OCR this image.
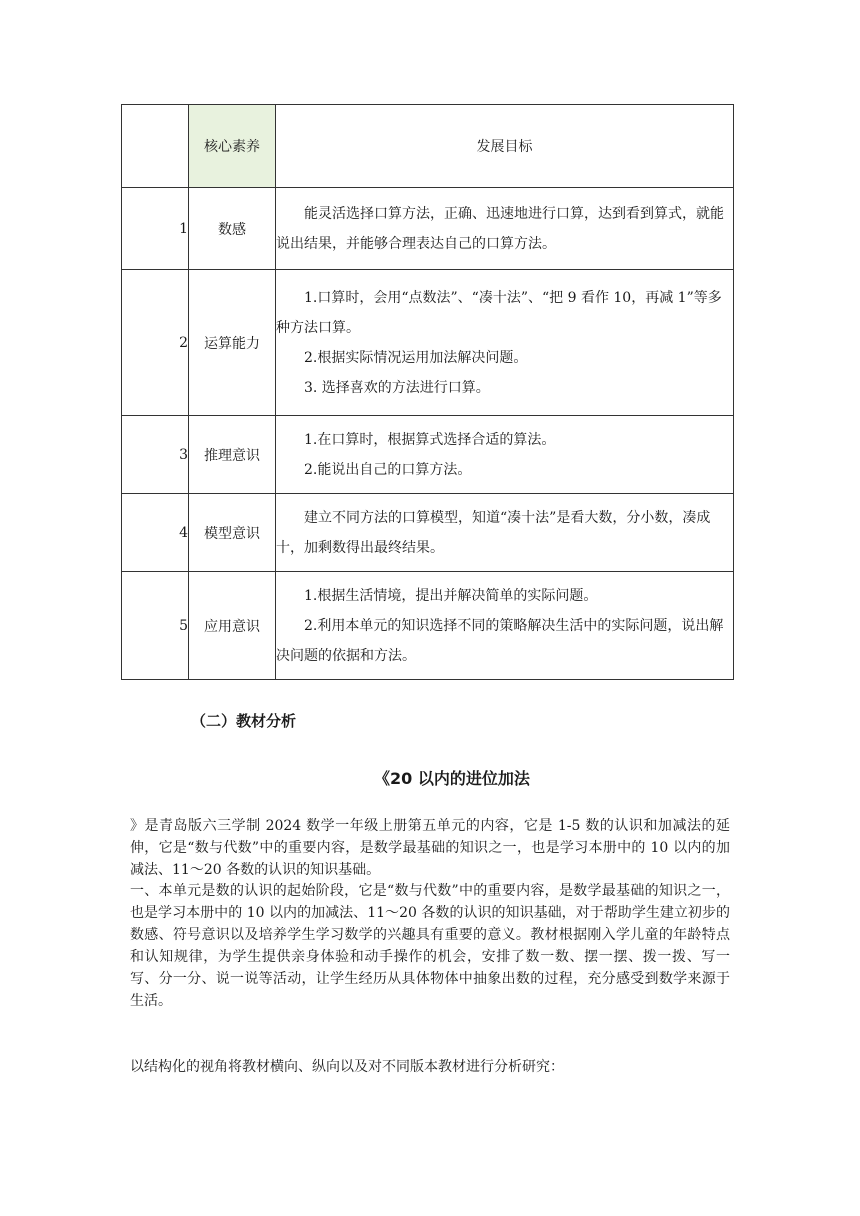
	核心素养	发展目标
1	数感	能灵活选择口算方法，正确、迅速地进行口算，达到看到算式，就能说出结果，并能够合理表达自己的口算方法。

2	运算能力	1.口算时，会用“点数法”、“凑十法”、“把 9 看作 10，再减 1”等多种方法口算。

2.根据实际情况运用加法解决问题。

3. 选择喜欢的方法进行口算。

3	推理意识	1.在口算时，根据算式选择合适的算法。

2.能说出自己的口算方法。

4	模型意识	建立不同方法的口算模型，知道“凑十法”是看大数，分小数，凑成十，加剩数得出最终结果。

5	应用意识	1.根据生活情境，提出并解决简单的实际问题。

2.利用本单元的知识选择不同的策略解决生活中的实际问题，说出解决问题的依据和方法。

（二）教材分析
《20 以内的进位加法

》是青岛版六三学制 2024 数学一年级上册第五单元的内容，它是 1-5 数的认识和加减法的延伸，它是“数与代数”中的重要内容，是数学最基础的知识之一，也是学习本册中的 10 以内的加减法、11～20 各数的认识的知识基础。

一、本单元是数的认识的起始阶段，它是“数与代数”中的重要内容，是数学最基础的知识之一，也是学习本册中的 10 以内的加减法、11～20 各数的认识的知识基础，对于帮助学生建立初步的数感、符号意识以及培养学生学习数学的兴趣具有重要的意义。教材根据刚入学儿童的年龄特点和认知规律，为学生提供亲身体验和动手操作的机会，安排了数一数、摆一摆、拨一拨、写一写、分一分、说一说等活动，让学生经历从具体物体中抽象出数的过程，充分感受到数学来源于生活。

以结构化的视角将教材横向、纵向以及对不同版本教材进行分析研究：
